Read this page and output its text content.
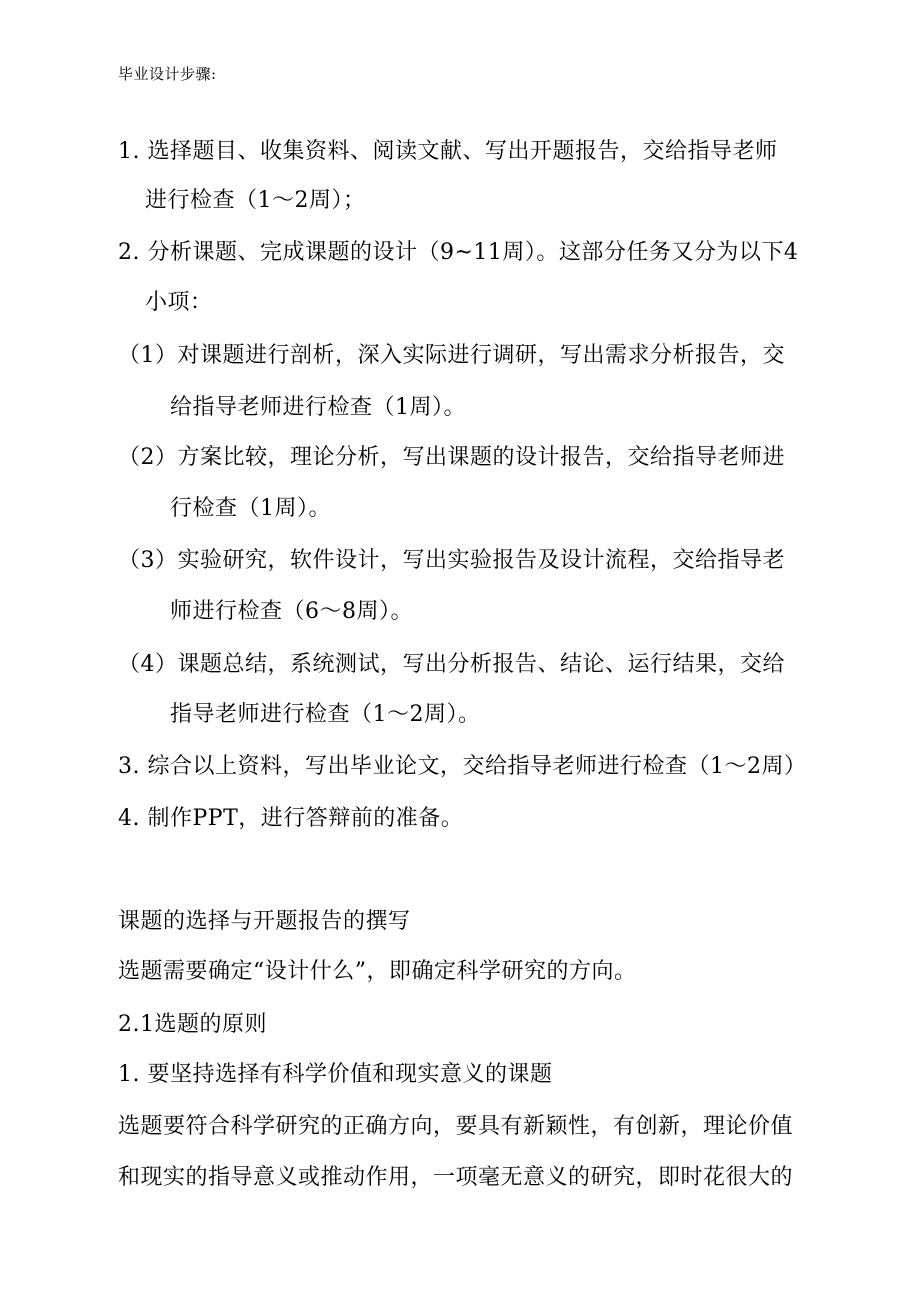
毕业设计步骤:
1. 选择题目、收集资料、阅读文献、写出开题报告，交给指导老师
进行检查（1～2周）；
2. 分析课题、完成课题的设计（9~11周）。这部分任务又分为以下4
小项：
（1）对课题进行剖析，深入实际进行调研，写出需求分析报告，交
给指导老师进行检查（1周）。
（2）方案比较，理论分析，写出课题的设计报告，交给指导老师进
行检查（1周）。
（3）实验研究，软件设计，写出实验报告及设计流程，交给指导老
师进行检查（6～8周）。
（4）课题总结，系统测试，写出分析报告、结论、运行结果，交给
指导老师进行检查（1～2周）。
3. 综合以上资料，写出毕业论文，交给指导老师进行检查（1～2周）
4. 制作PPT，进行答辩前的准备。
课题的选择与开题报告的撰写
选题需要确定“设计什么”，即确定科学研究的方向。
2.1选题的原则
1. 要坚持选择有科学价值和现实意义的课题
选题要符合科学研究的正确方向，要具有新颖性，有创新，理论价值
和现实的指导意义或推动作用，一项毫无意义的研究，即时花很大的
